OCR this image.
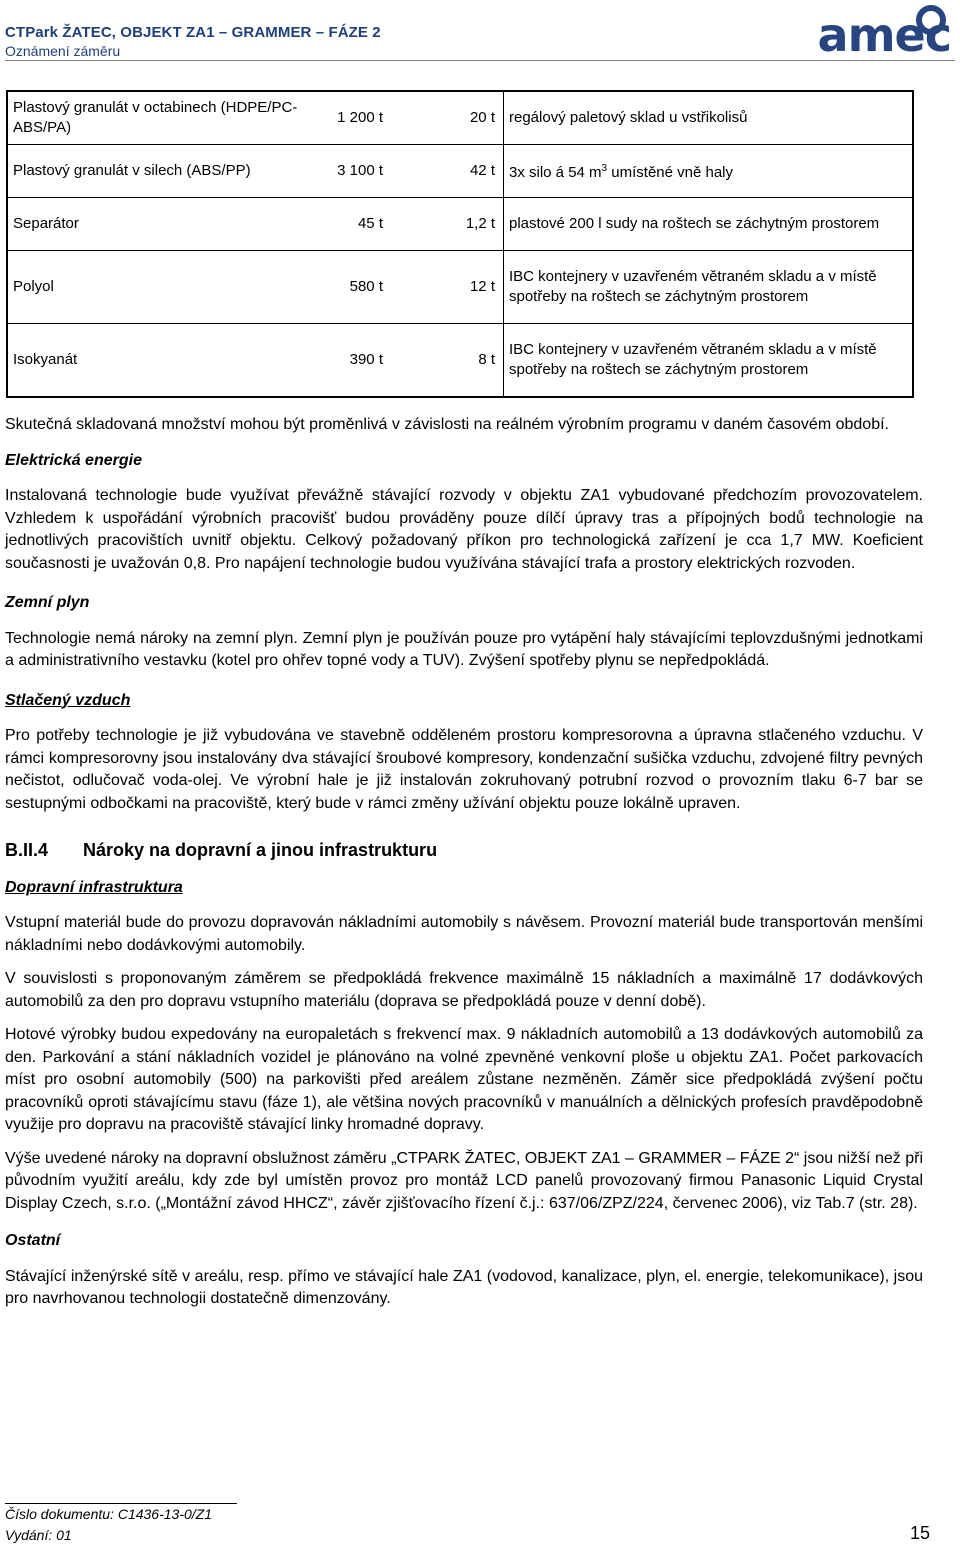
CTPark ŽATEC, OBJEKT ZA1 – GRAMMER – FÁZE 2
Oznámení záměru	amec
Plastový granulát v octabinech (HDPE/PC-ABS/PA)	1 200 t	20 t	regálový paletový sklad u vstřikolisů
Plastový granulát v silech (ABS/PP)	3 100 t	42 t	3x silo á 54 $m^3$ umístěné vně haly
Separátor	45 t	1,2 t	plastové 200 l sudy na roštech se záchytným prostorem
Polyol	580 t	12 t	IBC kontejnery v uzavřeném větraném skladu a v místě spotřeby na roštech se záchytným prostorem
Isokyanát	390 t	8 t	IBC kontejnery v uzavřeném větraném skladu a v místě spotřeby na roštech se záchytným prostorem

Skutečná skladovaná množství mohou být proměnlivá v závislosti na reálném výrobním programu v daném časovém období.

Elektrická energie

Instalovaná technologie bude využívat převážně stávající rozvody v objektu ZA1 vybudované předchozím provozovatelem. Vzhledem k uspořádání výrobních pracovišť budou prováděny pouze dílčí úpravy tras a přípojných bodů technologie na jednotlivých pracovištích uvnitř objektu. Celkový požadovaný příkon pro technologická zařízení je cca 1,7 MW. Koeficient současnosti je uvažován 0,8. Pro napájení technologie budou využívána stávající trafa a prostory elektrických rozvoden.

Zemní plyn

Technologie nemá nároky na zemní plyn. Zemní plyn je používán pouze pro vytápění haly stávajícími teplovzdušnými jednotkami a administrativního vestavku (kotel pro ohřev topné vody a TUV). Zvýšení spotřeby plynu se nepředpokládá.

Stlačený vzduch

Pro potřeby technologie je již vybudována ve stavebně odděleném prostoru kompresorovna a úpravna stlačeného vzduchu. V rámci kompresorovny jsou instalovány dva stávající šroubové kompresory, kondenzační sušička vzduchu, zdvojené filtry pevných nečistot, odlučovač voda-olej. Ve výrobní hale je již instalován zokruhovaný potrubní rozvod o provozním tlaku 6-7 bar se sestupnými odbočkami na pracoviště, který bude v rámci změny užívání objektu pouze lokálně upraven.

B.II.4 Nároky na dopravní a jinou infrastrukturu

Dopravní infrastruktura

Vstupní materiál bude do provozu dopravován nákladními automobily s návěsem. Provozní materiál bude transportován menšími nákladními nebo dodávkovými automobily.

V souvislosti s proponovaným záměrem se předpokládá frekvence maximálně 15 nákladních a maximálně 17 dodávkových automobilů za den pro dopravu vstupního materiálu (doprava se předpokládá pouze v denní době).

Hotové výrobky budou expedovány na europaletách s frekvencí max. 9 nákladních automobilů a 13 dodávkových automobilů za den. Parkování a stání nákladních vozidel je plánováno na volné zpevněné venkovní ploše u objektu ZA1. Počet parkovacích míst pro osobní automobily (500) na parkovišti před areálem zůstane nezměněn. Záměr sice předpokládá zvýšení počtu pracovníků oproti stávajícímu stavu (fáze 1), ale většina nových pracovníků v manuálních a dělnických profesích pravděpodobně využije pro dopravu na pracoviště stávající linky hromadné dopravy.

Výše uvedené nároky na dopravní obslužnost záměru „CTPARK ŽATEC, OBJEKT ZA1 – GRAMMER – FÁZE 2“ jsou nižší než při původním využití areálu, kdy zde byl umístěn provoz pro montáž LCD panelů provozovaný firmou Panasonic Liquid Crystal Display Czech, s.r.o. („Montážní závod HHCZ“, závěr zjišťovacího řízení č.j.: 637/06/ZPZ/224, červenec 2006), viz Tab.7 (str. 28).

Ostatní

Stávající inženýrské sítě v areálu, resp. přímo ve stávající hale ZA1 (vodovod, kanalizace, plyn, el. energie, telekomunikace), jsou pro navrhovanou technologii dostatečně dimenzovány.

Číslo dokumentu: C1436-13-0/Z1
Vydání: 01	15
